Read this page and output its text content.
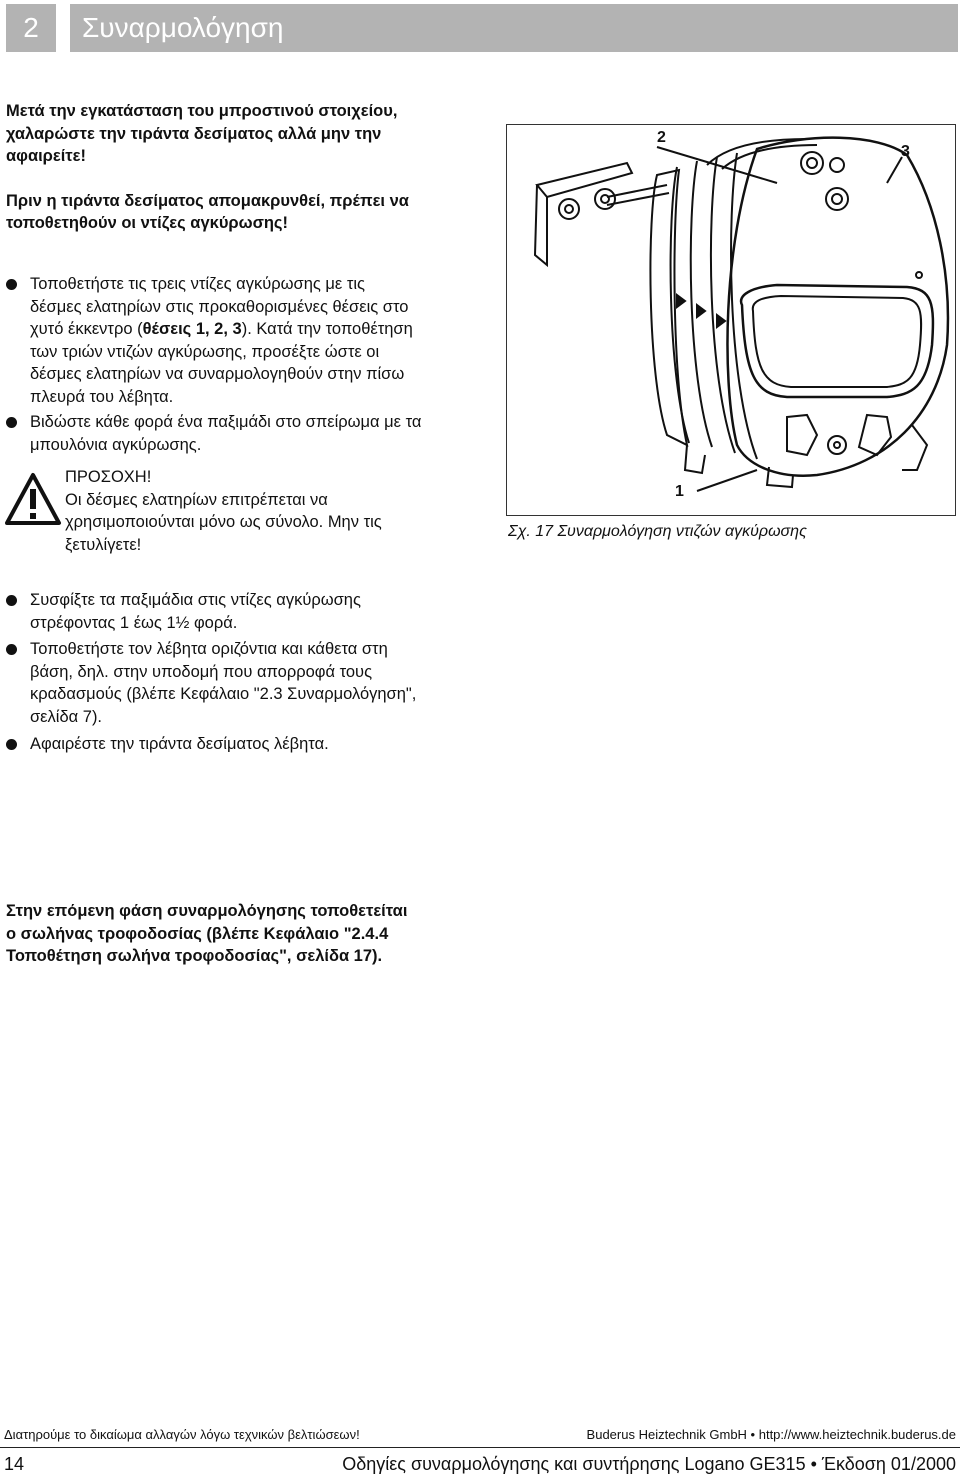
2 Συναρμολόγηση
Μετά την εγκατάσταση του μπροστινού στοιχείου,
χαλαρώστε την τιράντα δεσίματος αλλά μην την
αφαιρείτε!
Πριν η τιράντα δεσίματος απομακρυνθεί, πρέπει να
τοποθετηθούν οι ντίζες αγκύρωσης!
Τοποθετήστε τις τρεις ντίζες αγκύρωσης με τις
δέσμες ελατηρίων στις προκαθορισμένες θέσεις στο
χυτό έκκεντρο (θέσεις 1, 2, 3). Κατά την τοποθέτηση
των τριών ντιζών αγκύρωσης, προσέξτε ώστε οι
δέσμες ελατηρίων να συναρμολογηθούν στην πίσω
πλευρά του λέβητα.
Βιδώστε κάθε φορά ένα παξιμάδι στο σπείρωμα με τα
μπουλόνια αγκύρωσης.
ΠΡΟΣΟΧΗ!
Οι δέσμες ελατηρίων επιτρέπεται να
χρησιμοποιούνται μόνο ως σύνολο. Μην τις
ξετυλίγετε!
1
2
3
Σχ. 17 Συναρμολόγηση ντιζών αγκύρωσης
Συσφίξτε τα παξιμάδια στις ντίζες αγκύρωσης
στρέφοντας 1 έως 1½ φορά.
Τοποθετήστε τον λέβητα οριζόντια και κάθετα στη
βάση, δηλ. στην υποδομή που απορροφά τους
κραδασμούς (βλέπε Κεφάλαιο "2.3 Συναρμολόγηση",
σελίδα 7).
Αφαιρέστε την τιράντα δεσίματος λέβητα.
Στην επόμενη φάση συναρμολόγησης τοποθετείται
ο σωλήνας τροφοδοσίας (βλέπε Κεφάλαιο "2.4.4
Τοποθέτηση σωλήνα τροφοδοσίας", σελίδα 17).
Διατηρούμε το δικαίωμα αλλαγών λόγω τεχνικών βελτιώσεων!	Buderus Heiztechnik GmbH • http://www.heiztechnik.buderus.de
14	Οδηγίες συναρμολόγησης και συντήρησης Logano GE315 • Έκδοση 01/2000
